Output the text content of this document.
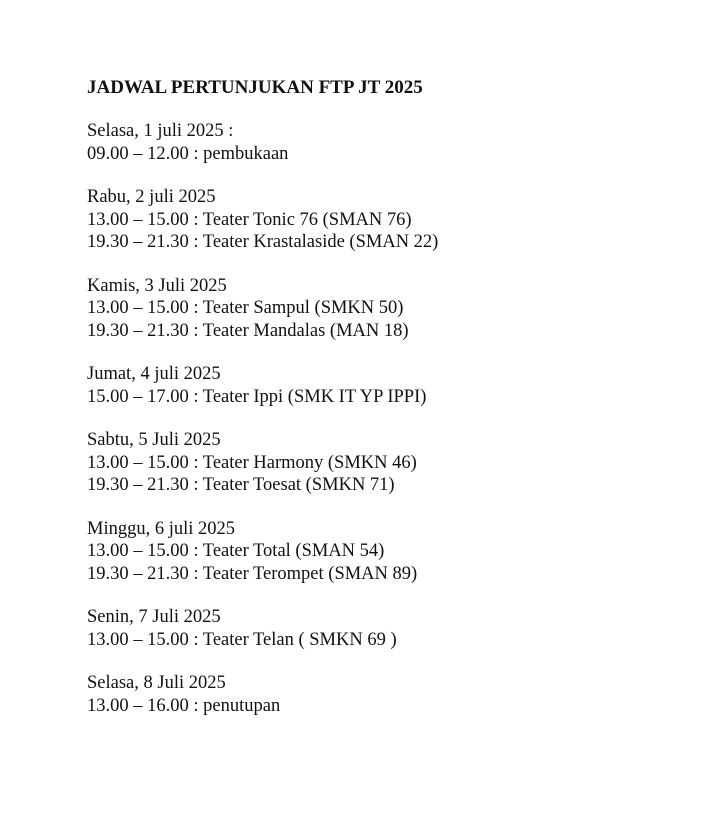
JADWAL PERTUNJUKAN FTP JT 2025
Selasa, 1 juli 2025 :
09.00 – 12.00 : pembukaan
Rabu, 2 juli 2025
13.00 – 15.00 : Teater Tonic 76 (SMAN 76)
19.30 – 21.30 : Teater Krastalaside (SMAN 22)
Kamis, 3 Juli 2025
13.00 – 15.00 : Teater Sampul (SMKN 50)
19.30 – 21.30 : Teater Mandalas (MAN 18)
Jumat, 4 juli 2025
15.00 – 17.00 : Teater Ippi (SMK IT YP IPPI)
Sabtu, 5 Juli 2025
13.00 – 15.00 : Teater Harmony (SMKN 46)
19.30 – 21.30 : Teater Toesat (SMKN 71)
Minggu, 6 juli 2025
13.00 – 15.00 : Teater Total (SMAN 54)
19.30 – 21.30 : Teater Terompet (SMAN 89)
Senin, 7 Juli 2025
13.00 – 15.00 : Teater Telan ( SMKN 69 )
Selasa, 8 Juli 2025
13.00 – 16.00 : penutupan
